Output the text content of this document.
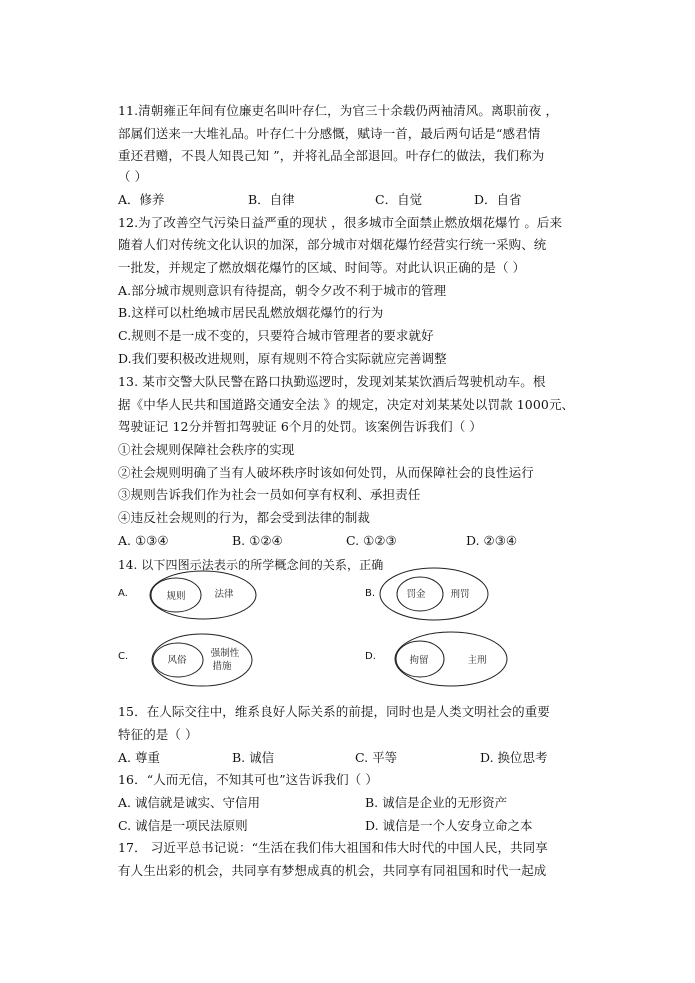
11.清朝雍正年间有位廉吏名叫叶存仁，为官三十余载仍两袖清风。离职前夜 ，
部属们送来一大堆礼品。叶存仁十分感慨，赋诗一首，最后两句话是“感君情
重还君赠，不畏人知畏己知 ”，并将礼品全部退回。叶存仁的做法，我们称为
（ ）
A．修养	B．自律	C．自觉	D．自省
12.为了改善空气污染日益严重的现状 ，很多城市全面禁止燃放烟花爆竹 。后来
随着人们对传统文化认识的加深，部分城市对烟花爆竹经营实行统一采购、统
一批发，并规定了燃放烟花爆竹的区域、时间等。对此认识正确的是（ ）
A.部分城市规则意识有待提高，朝令夕改不利于城市的管理
B.这样可以杜绝城市居民乱燃放烟花爆竹的行为
C.规则不是一成不变的，只要符合城市管理者的要求就好
D.我们要积极改进规则，原有规则不符合实际就应完善调整
13. 某市交警大队民警在路口执勤巡逻时，发现刘某某饮酒后驾驶机动车。根
据《中华人民共和国道路交通安全法 》的规定，决定对刘某某处以罚款 1000元、
驾驶证记 12分并暂扣驾驶证 6个月的处罚。该案例告诉我们（ ）
①社会规则保障社会秩序的实现
②社会规则明确了当有人破坏秩序时该如何处罚，从而保障社会的良性运行
③规则告诉我们作为社会一员如何享有权利、承担责任
④违反社会规则的行为，都会受到法律的制裁
A. ①③④	B. ①②④	C. ①②③	D. ②③④
14. 以下四图示法表示的所学概念间的关系，正确
A.	规则	法律	B.	罚金	刑罚
C.	风俗
强制性
措施
D.	拘留	主刑
15．在人际交往中，维系良好人际关系的前提，同时也是人类文明社会的重要
特征的是（ ）
A. 尊重	B. 诚信	C. 平等	D. 换位思考
16．“人而无信，不知其可也”这告诉我们（ ）
A. 诚信就是诚实、守信用	B. 诚信是企业的无形资产
C. 诚信是一项民法原则	D. 诚信是一个人安身立命之本
17． 习近平总书记说：“生活在我们伟大祖国和伟大时代的中国人民，共同享
有人生出彩的机会，共同享有梦想成真的机会，共同享有同祖国和时代一起成
